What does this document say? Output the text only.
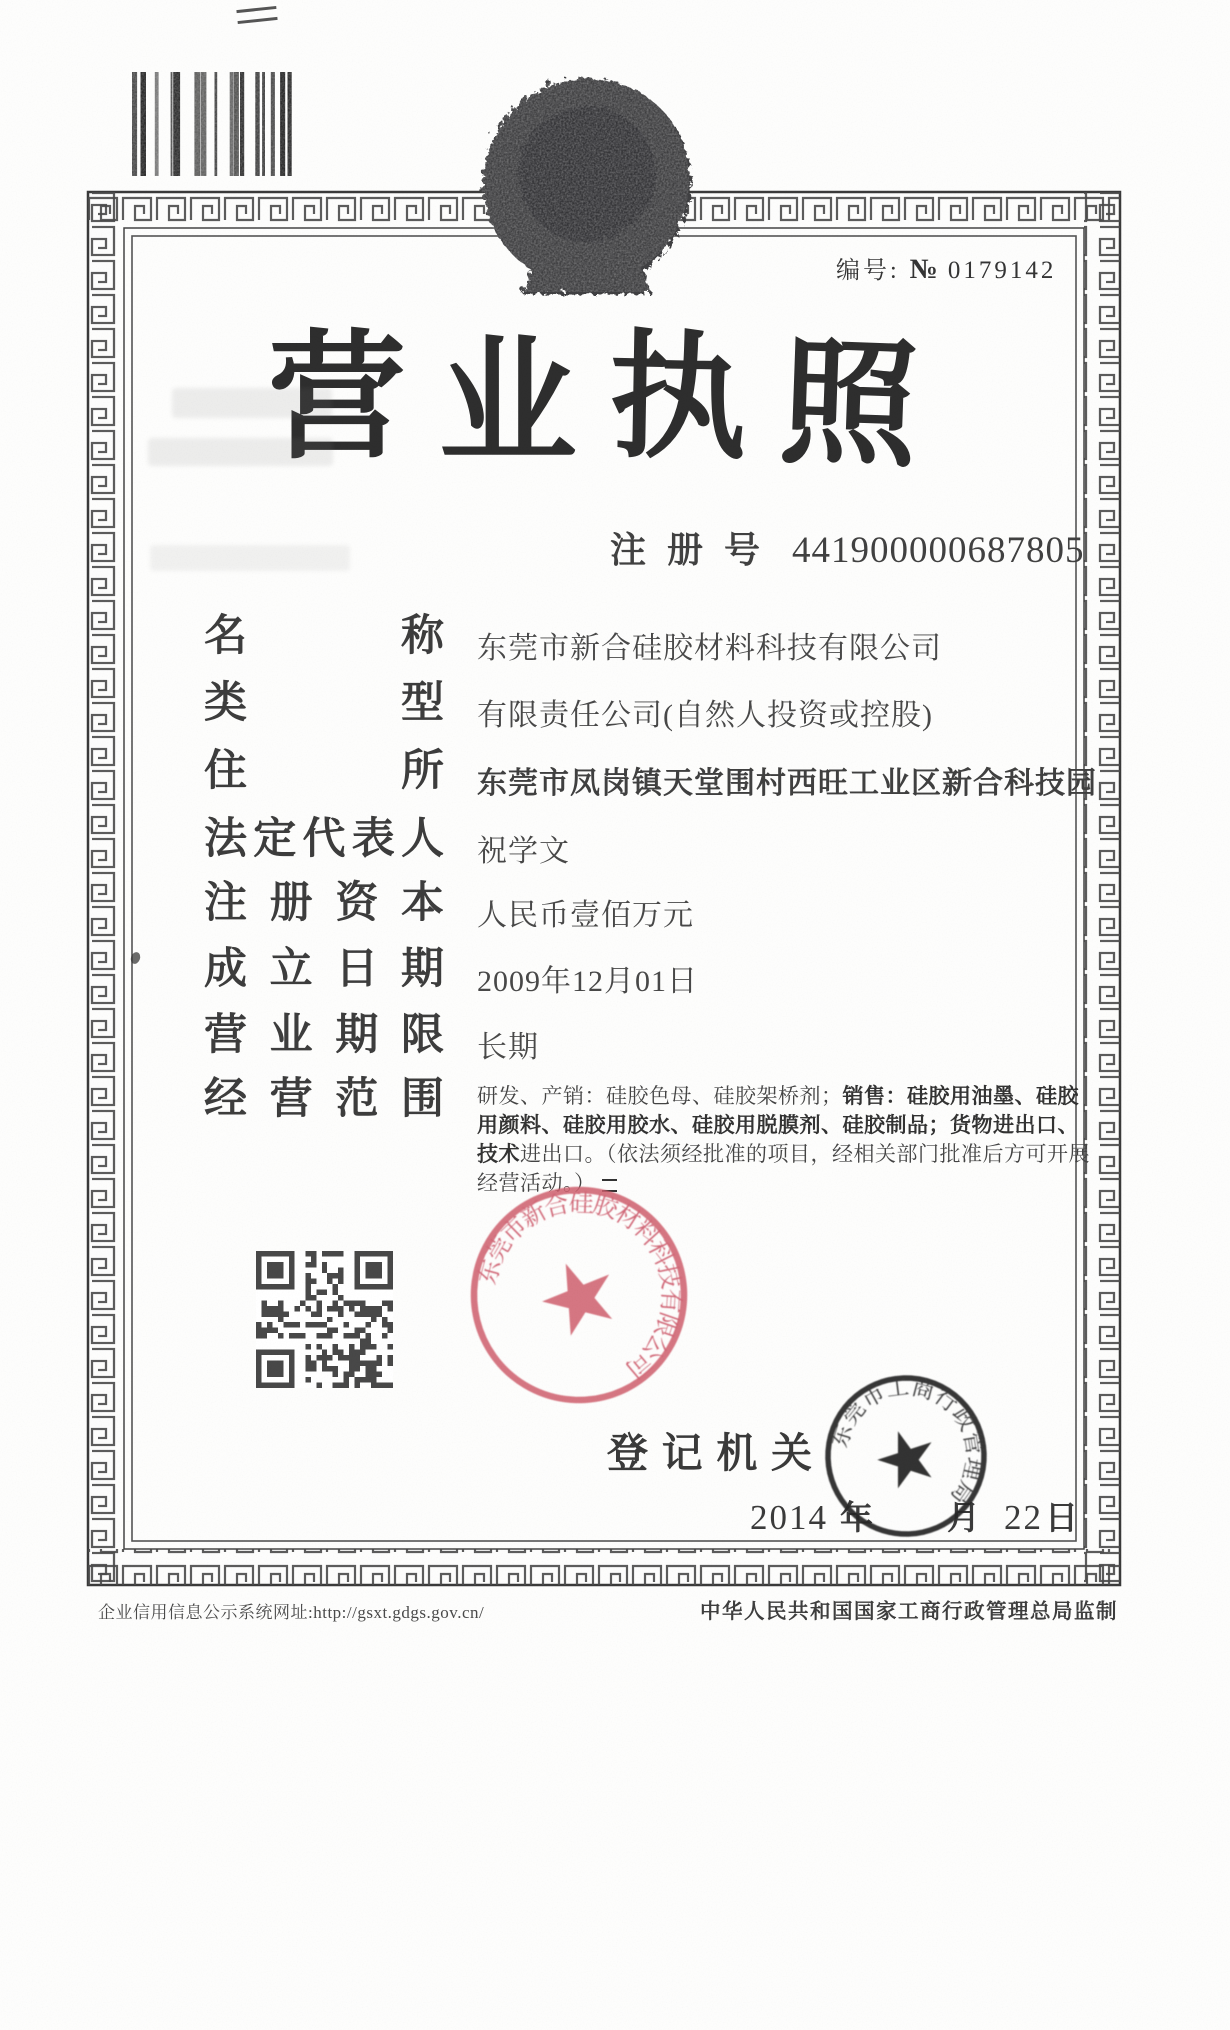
编号: № 0179142
营 业 执 照
注 册 号 441900000687805
名	称 东莞市新合硅胶材料科技有限公司
类	型 有限责任公司(自然人投资或控股)
住	所 东莞市凤岗镇天堂围村西旺工业区新合科技园
法 定 代 表 人 祝学文
注 册 资 本 人民币壹佰万元
成 立 日 期 2009年12月01日
营 业 期 限 长期
经 营 范 围 研发、产销：硅胶色母、硅胶架桥剂；销售：硅胶用油墨、硅胶用颜料、硅胶用胶水、硅胶用脱膜剂、硅胶制品；货物进出口、技术进出口。（依法须经批准的项目，经相关部门批准后方可开展经营活动。）
登 记 机 关
2014 年 月 22 日
东莞市新合硅胶材料科技有限公司
东莞市工商行政管理局
企业信用信息公示系统网址:http://gsxt.gdgs.gov.cn/	中华人民共和国国家工商行政管理总局监制
